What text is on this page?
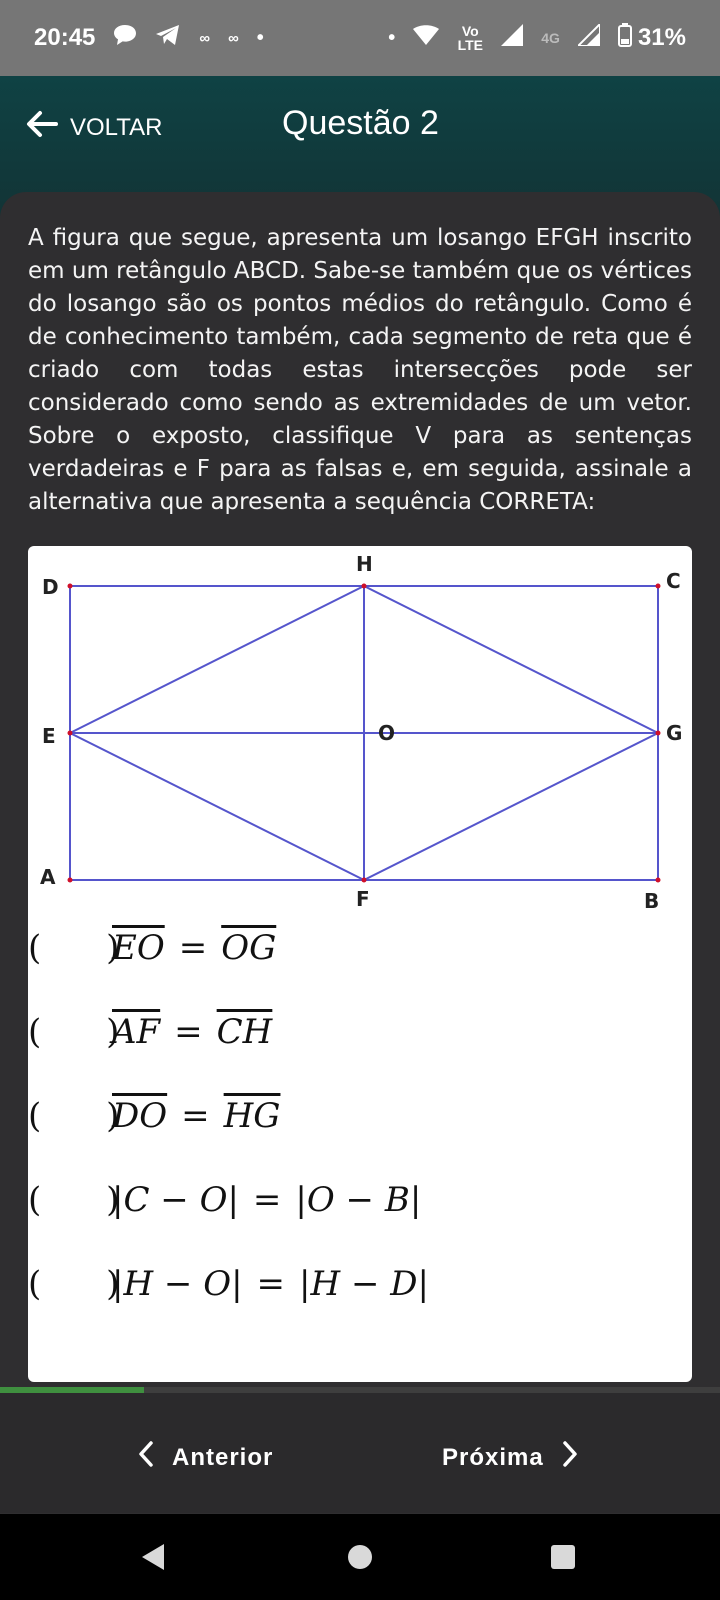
20:45	∞ ∞ •	•	Vo LTE	4G	31%
VOLTAR	Questão 2
A figura que segue, apresenta um losango EFGH inscrito em um retângulo ABCD. Sabe-se também que os vértices do losango são os pontos médios do retângulo. Como é de conhecimento também, cada segmento de reta que é criado com todas estas intersecções pode ser considerado como sendo as extremidades de um vetor. Sobre o exposto, classifique V para as sentenças verdadeiras e F para as falsas e, em seguida, assinale a alternativa que apresenta a sequência CORRETA:
D
H
C
E	O	G
A
F	B
(      )
$\overline{EO} = \overline{OG}$
(      )
$\overline{AF} = \overline{CH}$
(      )
$\overline{DO} = \overline{HG}$
(      )
|C − O| = |O − B|
(      )
|H − O| = |H − D|
Anterior	Próxima
